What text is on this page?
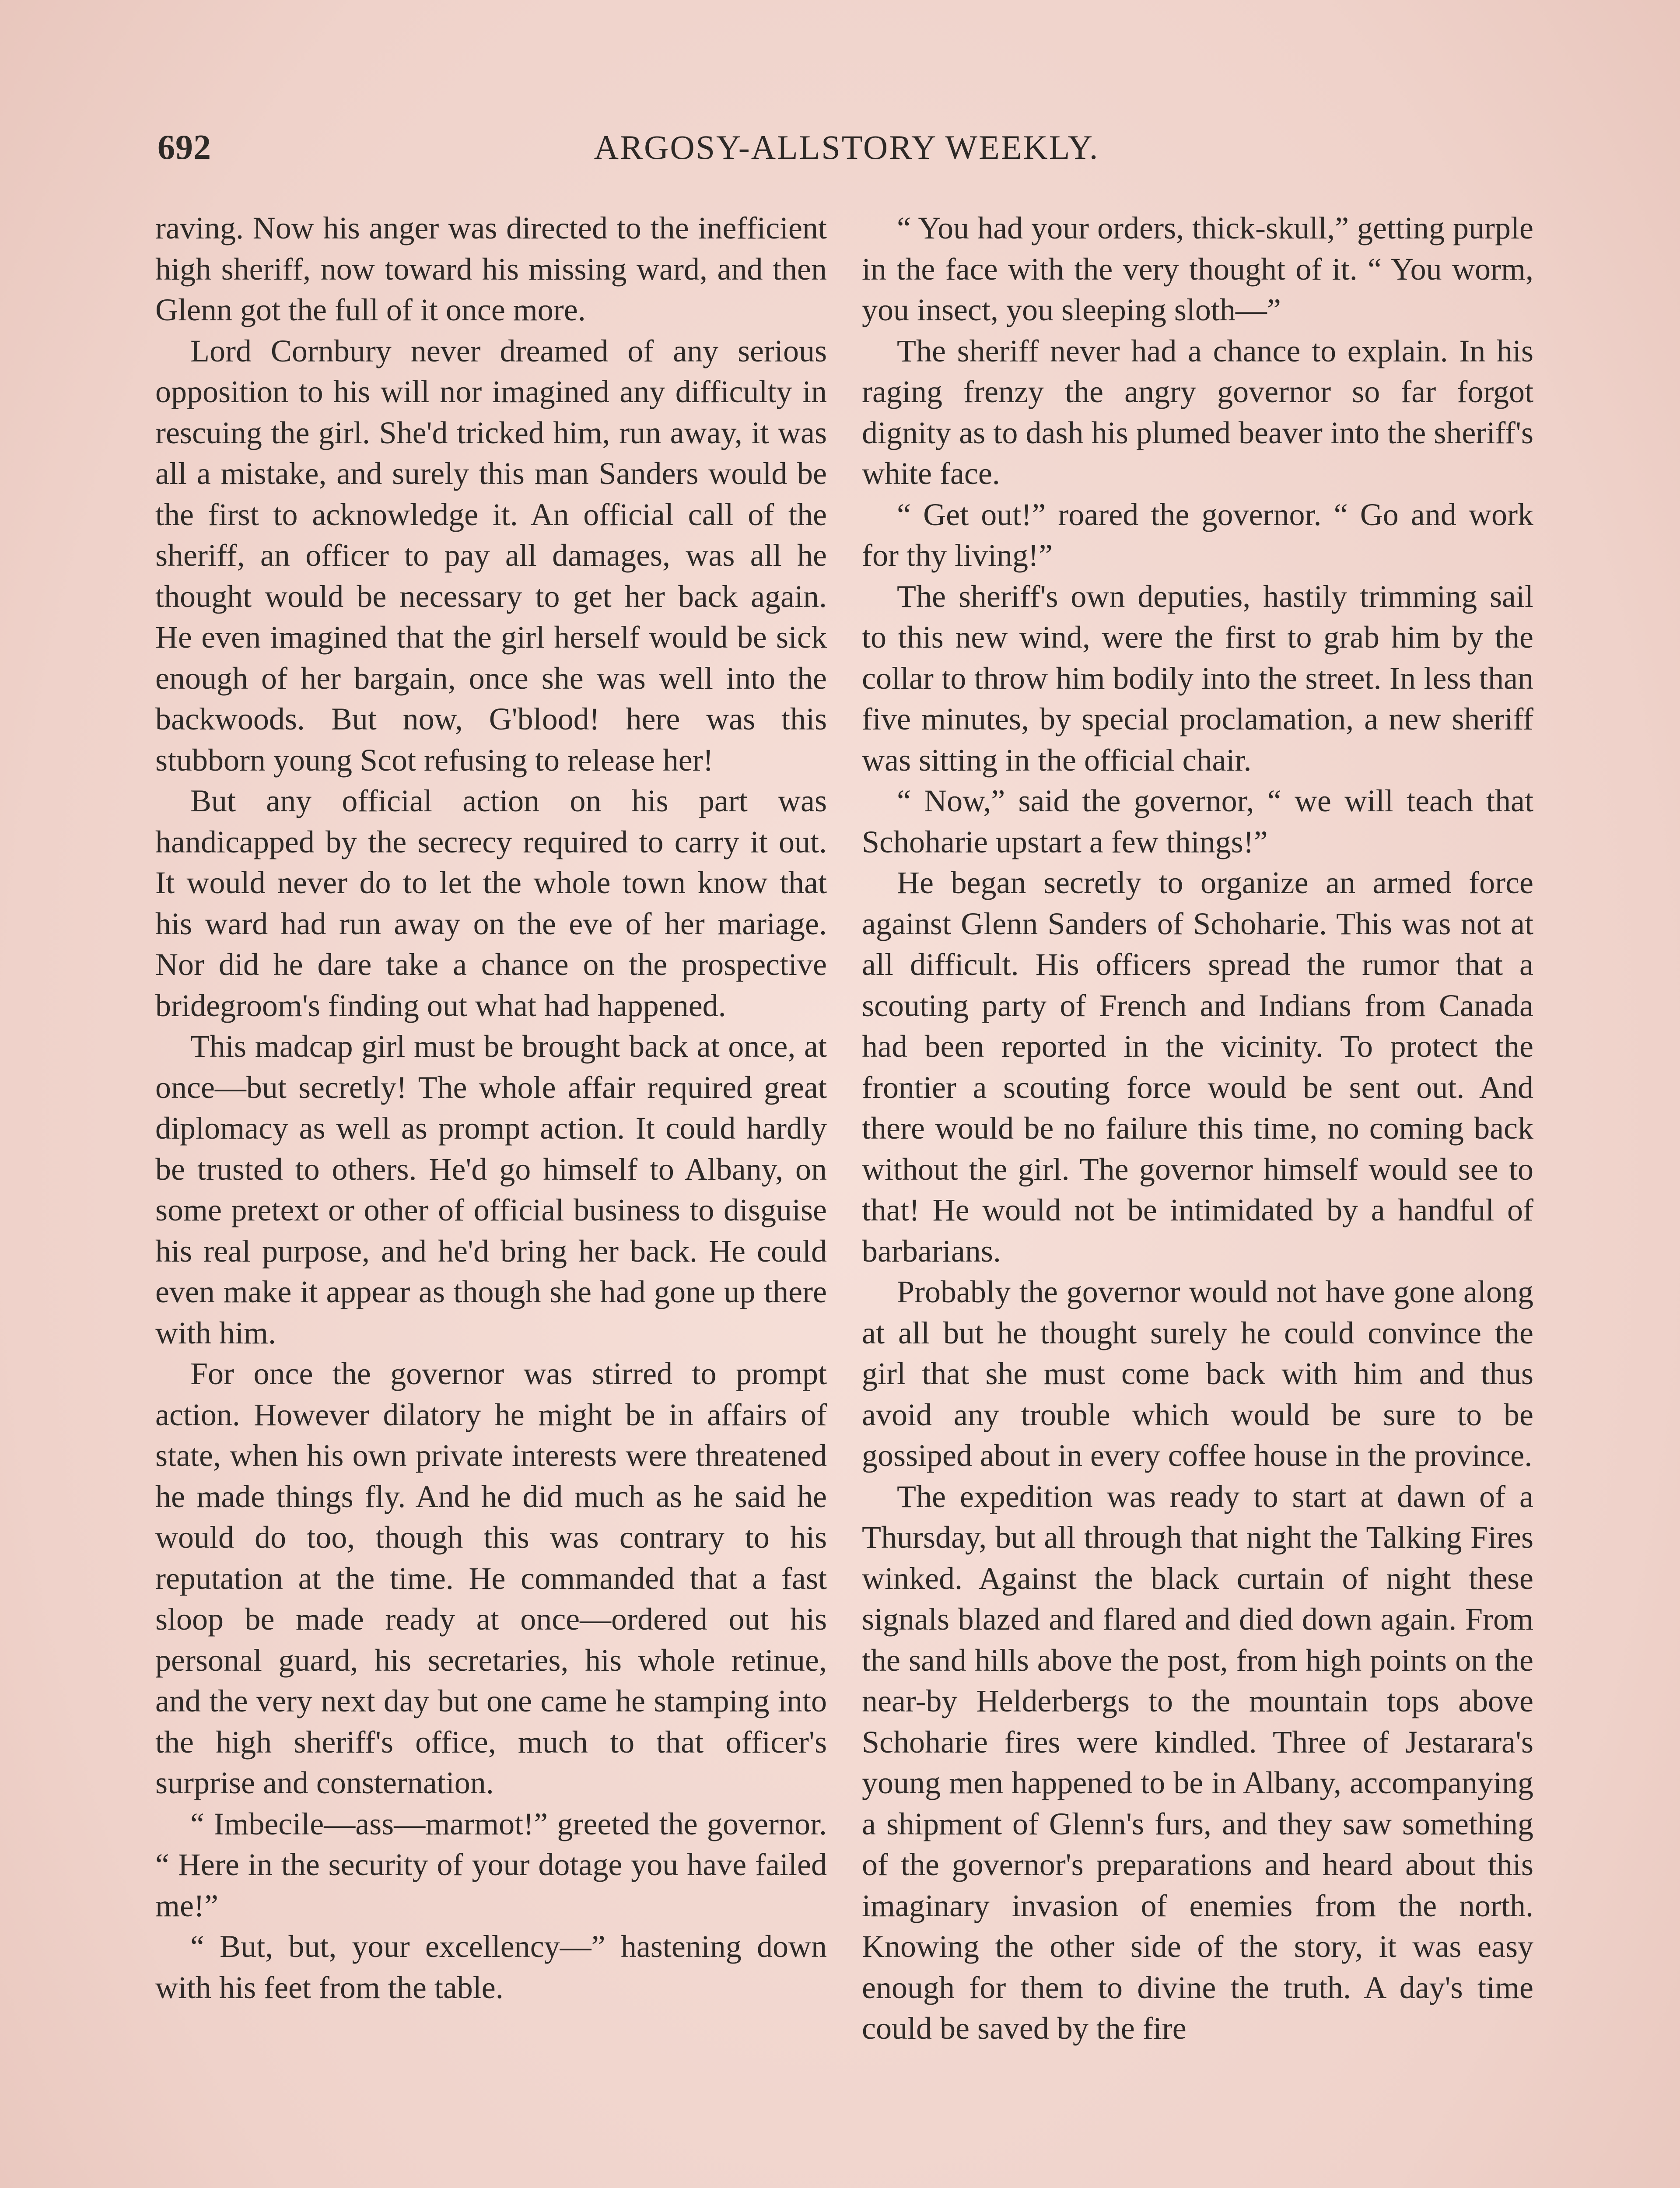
692	ARGOSY-ALLSTORY WEEKLY.

raving. Now his anger was directed to the inefficient high sheriff, now toward his missing ward, and then Glenn got the full of it once more.

Lord Cornbury never dreamed of any serious opposition to his will nor imagined any difficulty in rescuing the girl. She'd tricked him, run away, it was all a mistake, and surely this man Sanders would be the first to acknowledge it. An official call of the sheriff, an officer to pay all damages, was all he thought would be necessary to get her back again. He even imagined that the girl herself would be sick enough of her bargain, once she was well into the backwoods. But now, G'blood! here was this stubborn young Scot refusing to release her!

But any official action on his part was handicapped by the secrecy required to carry it out. It would never do to let the whole town know that his ward had run away on the eve of her mariage. Nor did he dare take a chance on the prospective bridegroom's finding out what had happened.

This madcap girl must be brought back at once, at once—but secretly! The whole affair required great diplomacy as well as prompt action. It could hardly be trusted to others. He'd go himself to Albany, on some pretext or other of official business to disguise his real purpose, and he'd bring her back. He could even make it appear as though she had gone up there with him.

For once the governor was stirred to prompt action. However dilatory he might be in affairs of state, when his own private interests were threatened he made things fly. And he did much as he said he would do too, though this was contrary to his reputation at the time. He commanded that a fast sloop be made ready at once—ordered out his personal guard, his secretaries, his whole retinue, and the very next day but one came he stamping into the high sheriff's office, much to that officer's surprise and consternation.

“ Imbecile—ass—marmot!” greeted the governor. “ Here in the security of your dotage you have failed me!”

“ But, but, your excellency—” hastening down with his feet from the table.

“ You had your orders, thick-skull,” getting purple in the face with the very thought of it. “ You worm, you insect, you sleeping sloth—”

The sheriff never had a chance to explain. In his raging frenzy the angry governor so far forgot dignity as to dash his plumed beaver into the sheriff's white face.

“ Get out!” roared the governor. “ Go and work for thy living!”

The sheriff's own deputies, hastily trimming sail to this new wind, were the first to grab him by the collar to throw him bodily into the street. In less than five minutes, by special proclamation, a new sheriff was sitting in the official chair.

“ Now,” said the governor, “ we will teach that Schoharie upstart a few things!”

He began secretly to organize an armed force against Glenn Sanders of Schoharie. This was not at all difficult. His officers spread the rumor that a scouting party of French and Indians from Canada had been reported in the vicinity. To protect the frontier a scouting force would be sent out. And there would be no failure this time, no coming back without the girl. The governor himself would see to that! He would not be intimidated by a handful of barbarians.

Probably the governor would not have gone along at all but he thought surely he could convince the girl that she must come back with him and thus avoid any trouble which would be sure to be gossiped about in every coffee house in the province.

The expedition was ready to start at dawn of a Thursday, but all through that night the Talking Fires winked. Against the black curtain of night these signals blazed and flared and died down again. From the sand hills above the post, from high points on the near-by Helderbergs to the mountain tops above Schoharie fires were kindled. Three of Jestarara's young men happened to be in Albany, accompanying a shipment of Glenn's furs, and they saw something of the governor's preparations and heard about this imaginary invasion of enemies from the north. Knowing the other side of the story, it was easy enough for them to divine the truth. A day's time could be saved by the fire
